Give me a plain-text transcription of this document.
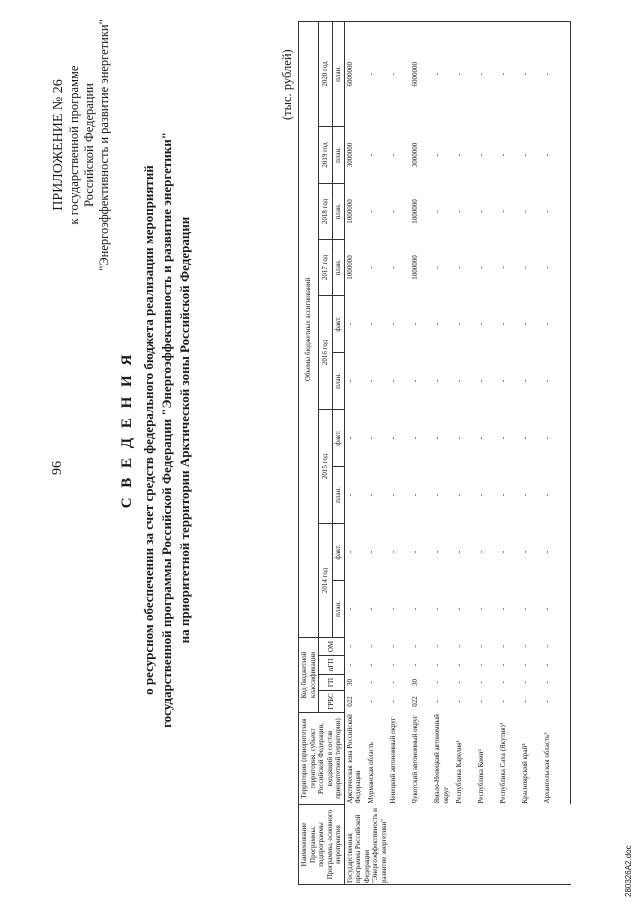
96
ПРИЛОЖЕНИЕ № 26 к государственной программе Российской Федерации "Энергоэффективность и развитие энергетики"
С В Е Д Е Н И Я о ресурсном обеспечении за счет средств федерального бюджета реализации мероприятий государственной программы Российской Федерации "Энергоэффективность и развитие энергетики" на приоритетной территории Арктической зоны Российской Федерации
(тыс. рублей)
Наименование Программы, подпрограммы Программы, основного мероприятия	Территория (приоритетная территория, субъект Российской Федерации, входящий в состав приоритетной территории)	Код бюджетной классификации				Объемы бюджетных ассигнований									
		ГРБС	ГП	пГП	ОМ	2014 год		2015 год		2016 год		2017 год	2018 год	2019 год	2020 год
						план.	факт.	план.	факт.	план.	факт.	план.	план.	план.	план.
Государственная программа Российской Федерации "Энергоэффективность и развитие энергетики"	Арктическая зона Российской Федерации	022	30	-	-	-	-	-	-	-	-	1000000	1000000	3000000	6000000
	Мурманская область	-	-	-	-	-	-	-	-	-	-	-	-	-	-
	Ненецкий автономный округ	-	-	-	-	-	-	-	-	-	-	-	-	-	-
	Чукотский автономный округ	022	30	-	-	-	-	-	-	-	-	1000000	1000000	3000000	6000000
	Ямало-Ненецкий автономный округ	-	-	-	-	-	-	-	-	-	-	-	-	-	-
	Республика Карелия¹	-	-	-	-	-	-	-	-	-	-	-	-	-	-
	Республика Коми²	-	-	-	-	-	-	-	-	-	-	-	-	-	-
	Республика Саха (Якутия)³	-	-	-	-	-	-	-	-	-	-	-	-	-	-
	Красноярский край⁴	-	-	-	-	-	-	-	-	-	-	-	-	-	-
	Архангельская область⁵	-	-	-	-	-	-	-	-	-	-	-	-	-	-
280326A2.doc
